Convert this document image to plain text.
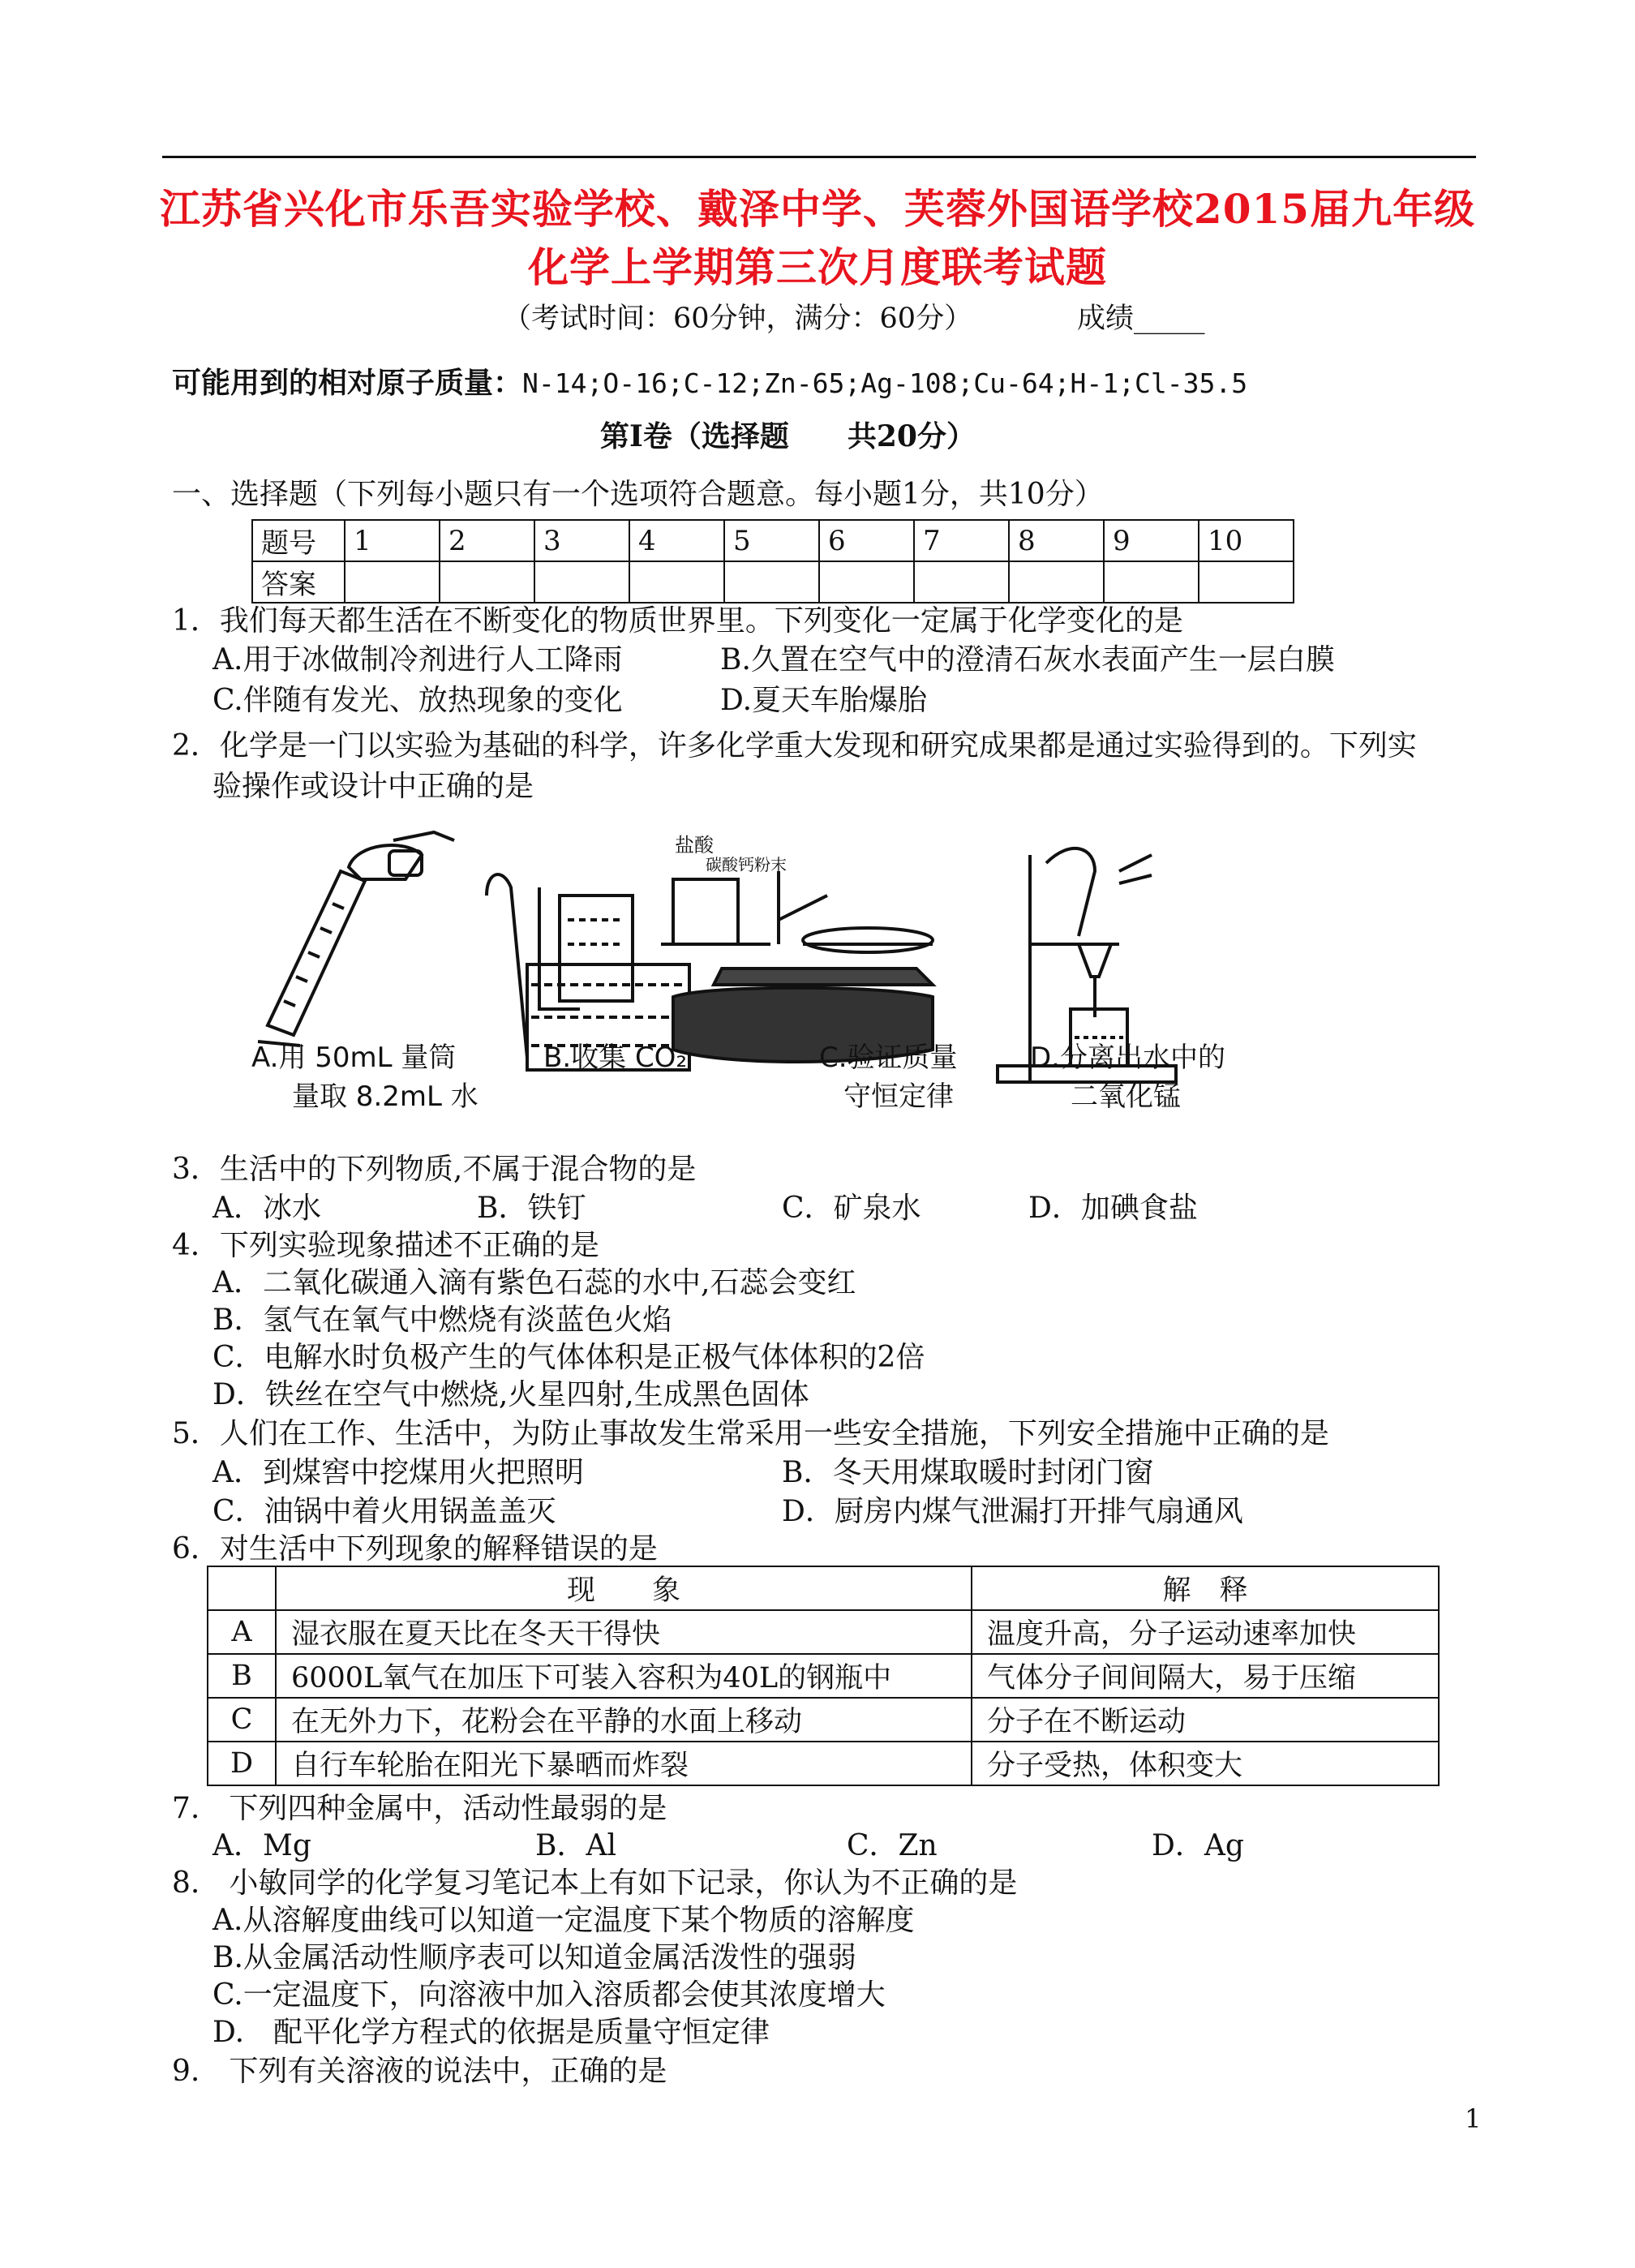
江苏省兴化市乐吾实验学校、戴泽中学、芙蓉外国语学校2015届九年级
化学上学期第三次月度联考试题
（考试时间：60分钟，满分：60分）	成绩_____
可能用到的相对原子质量：N-14;O-16;C-12;Zn-65;Ag-108;Cu-64;H-1;Cl-35.5
第Ⅰ卷（选择题　　共20分）
一、选择题（下列每小题只有一个选项符合题意。每小题1分，共10分）
题号	1	2	3	4	5	6	7	8	9	10
答案										
1．我们每天都生活在不断变化的物质世界里。下列变化一定属于化学变化的是
A.用于冰做制冷剂进行人工降雨	B.久置在空气中的澄清石灰水表面产生一层白膜
C.伴随有发光、放热现象的变化	D.夏天车胎爆胎
2．化学是一门以实验为基础的科学，许多化学重大发现和研究成果都是通过实验得到的。下列实
验操作或设计中正确的是
盐酸
碳酸钙粉末
A.用 50mL 量筒
量取 8.2mL 水
B.收集 CO₂	C.验证质量
守恒定律
D.分离出水中的
二氧化锰
3．生活中的下列物质,不属于混合物的是
A．冰水	B．铁钉	C．矿泉水	D．加碘食盐
4．下列实验现象描述不正确的是
A．二氧化碳通入滴有紫色石蕊的水中,石蕊会变红
B．氢气在氧气中燃烧有淡蓝色火焰
C．电解水时负极产生的气体体积是正极气体体积的2倍
D．铁丝在空气中燃烧,火星四射,生成黑色固体
5．人们在工作、生活中，为防止事故发生常采用一些安全措施，下列安全措施中正确的是
A．到煤窖中挖煤用火把照明	B．冬天用煤取暖时封闭门窗
C．油锅中着火用锅盖盖灭	D．厨房内煤气泄漏打开排气扇通风
6．对生活中下列现象的解释错误的是
	现　　象	解　释
A	湿衣服在夏天比在冬天干得快	温度升高，分子运动速率加快
B	6000L氧气在加压下可装入容积为40L的钢瓶中	气体分子间间隔大，易于压缩
C	在无外力下，花粉会在平静的水面上移动	分子在不断运动
D	自行车轮胎在阳光下暴晒而炸裂	分子受热，体积变大
7.　下列四种金属中，活动性最弱的是
A．Mg	B．Al	C．Zn	D．Ag
8.　小敏同学的化学复习笔记本上有如下记录，你认为不正确的是
A.从溶解度曲线可以知道一定温度下某个物质的溶解度
B.从金属活动性顺序表可以知道金属活泼性的强弱
C.一定温度下，向溶液中加入溶质都会使其浓度增大
D.　配平化学方程式的依据是质量守恒定律
9.　下列有关溶液的说法中，正确的是
1
